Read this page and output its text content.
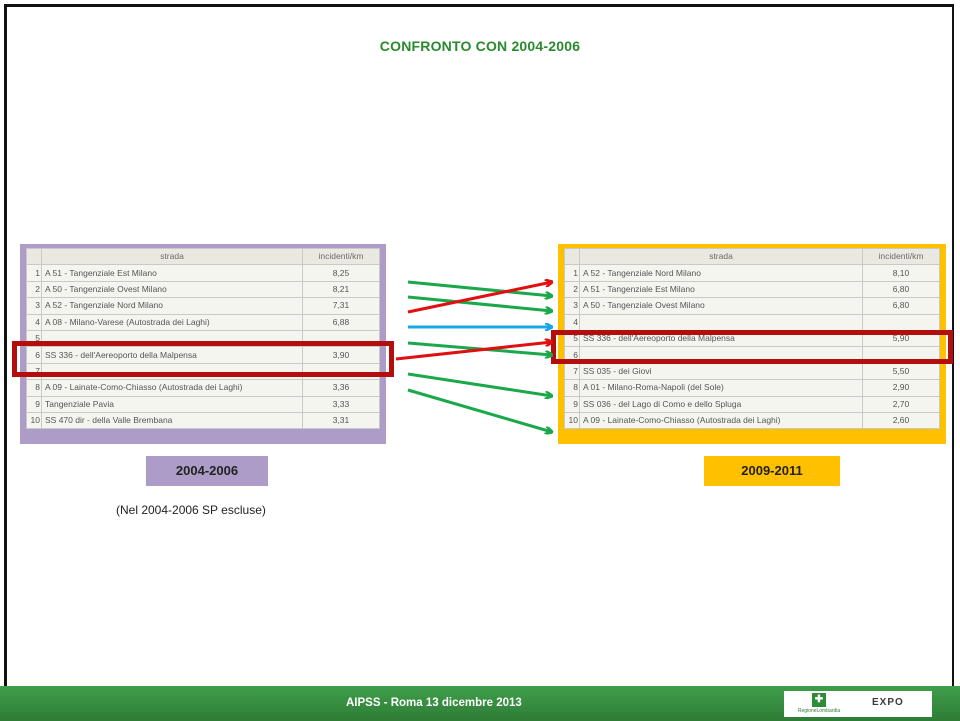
CONFRONTO CON 2004-2006
	strada	incidenti/km
1	A 51 - Tangenziale Est Milano	8,25
2	A 50 - Tangenziale Ovest Milano	8,21
3	A 52 - Tangenziale Nord Milano	7,31
4	A 08 - Milano-Varese (Autostrada dei Laghi)	6,88
5		
6	SS 336 - dell'Aereoporto della Malpensa	3,90
7		
8	A 09 - Lainate-Como-Chiasso (Autostrada dei Laghi)	3,36
9	Tangenziale Pavia	3,33
10	SS 470 dir - della Valle Brembana	3,31
	strada	incidenti/km
1	A 52 - Tangenziale Nord Milano	8,10
2	A 51 - Tangenziale Est Milano	6,80
3	A 50 - Tangenziale Ovest Milano	6,80
4		
5	SS 336 - dell'Aereoporto della Malpensa	5,90
6		
7	SS 035 - dei Giovi	5,50
8	A 01 - Milano-Roma-Napoli (del Sole)	2,90
9	SS 036 - del Lago di Como e dello Spluga	2,70
10	A 09 - Lainate-Como-Chiasso (Autostrada dei Laghi)	2,60
2004-2006	2009-2011
(Nel 2004-2006 SP escluse)
AIPSS - Roma 13 dicembre 2013	✚
RegioneLombardia
EXPO
